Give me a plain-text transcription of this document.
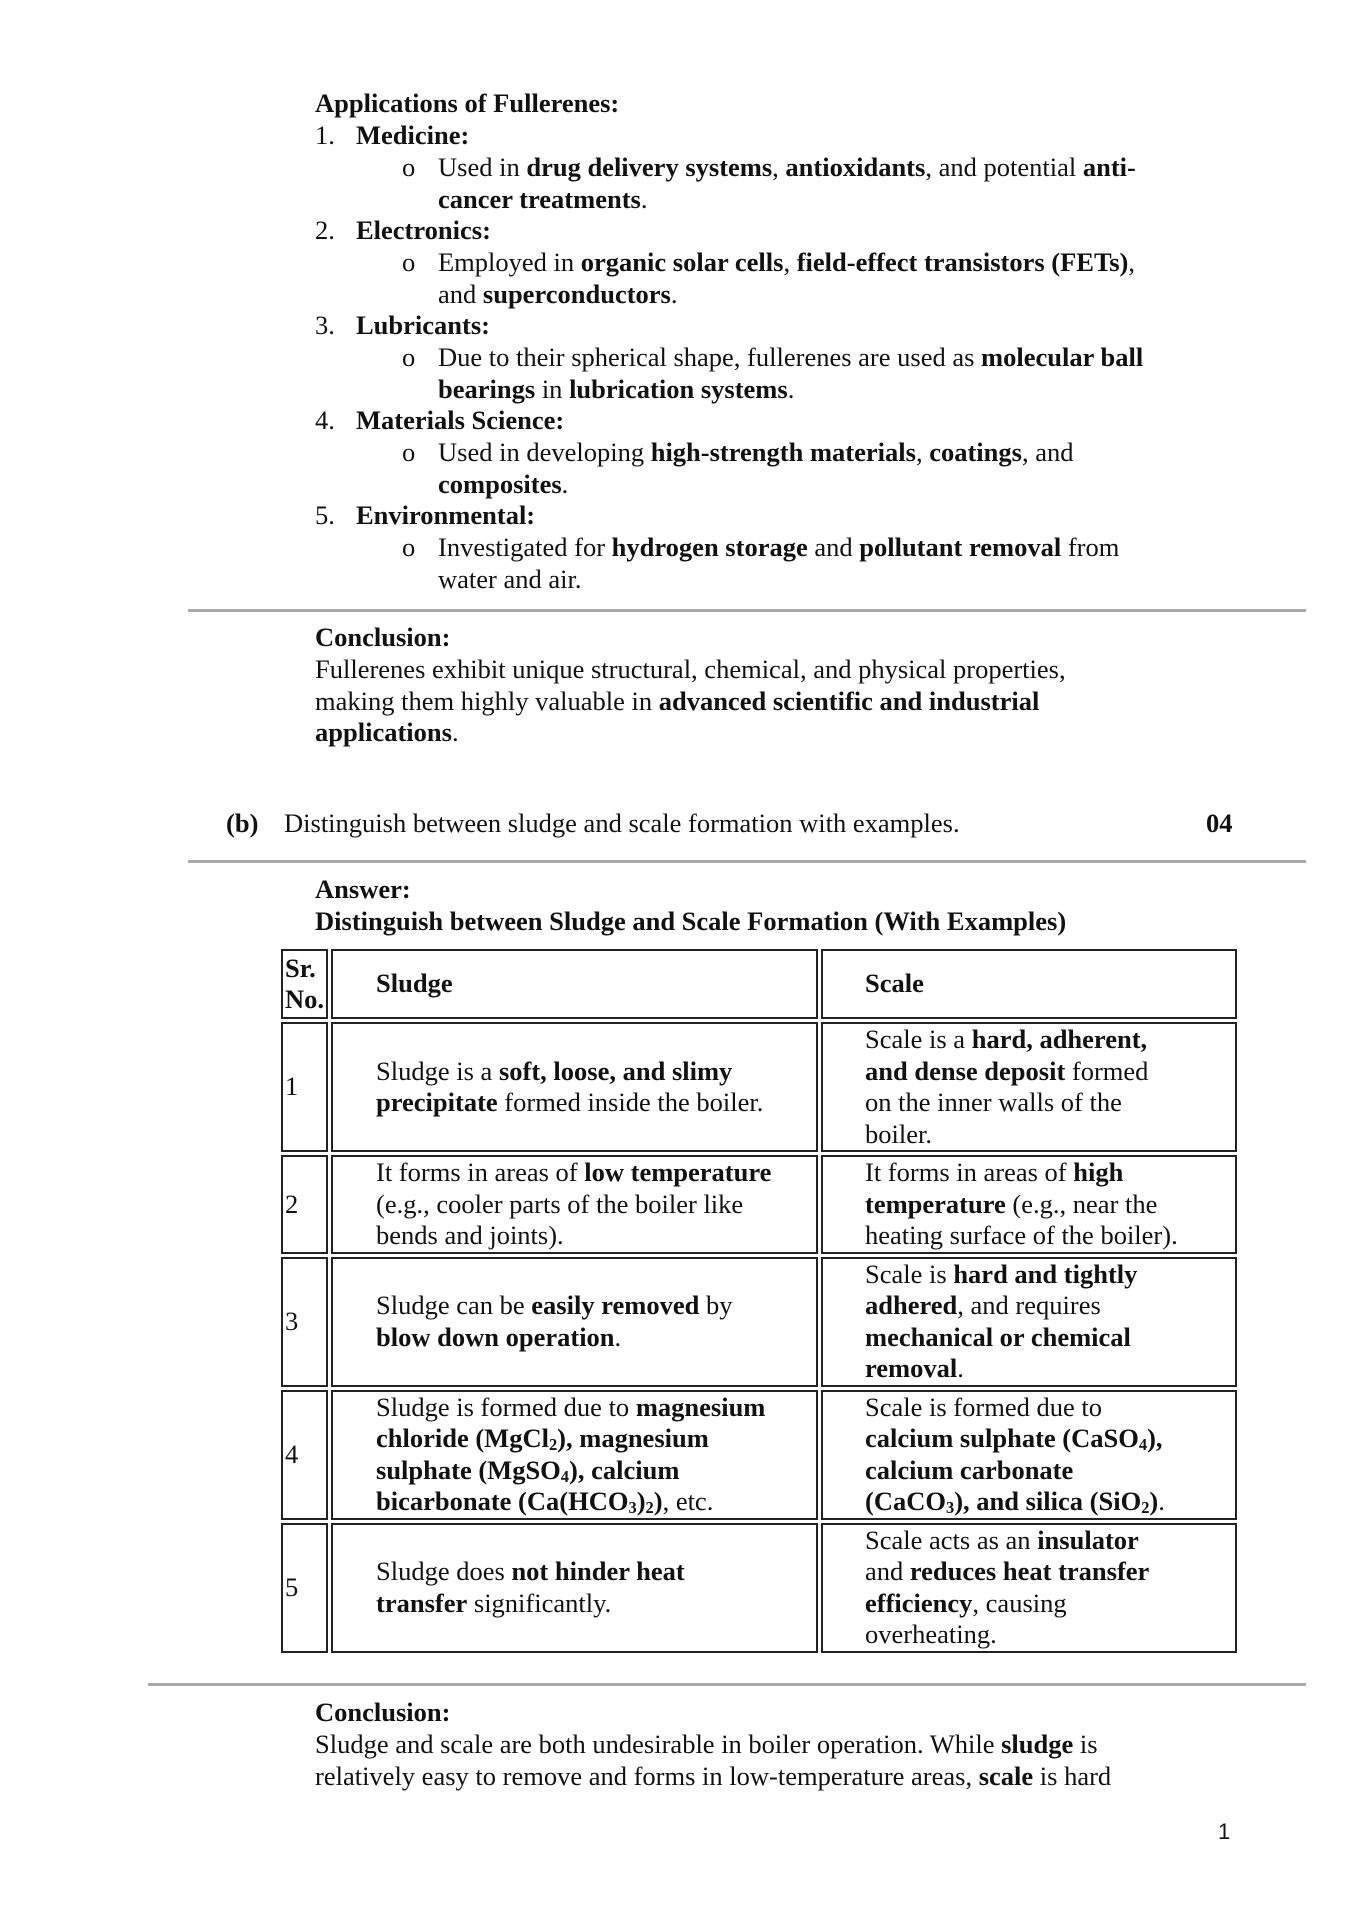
Applications of Fullerenes:
1. Medicine:
o Used in drug delivery systems, antioxidants, and potential anti-
cancer treatments.
2. Electronics:
o Employed in organic solar cells, field-effect transistors (FETs),
and superconductors.
3. Lubricants:
o Due to their spherical shape, fullerenes are used as molecular ball
bearings in lubrication systems.
4. Materials Science:
o Used in developing high-strength materials, coatings, and
composites.
5. Environmental:
o Investigated for hydrogen storage and pollutant removal from
water and air.
Conclusion:
Fullerenes exhibit unique structural, chemical, and physical properties,
making them highly valuable in advanced scientific and industrial
applications.
(b) Distinguish between sludge and scale formation with examples.	04
Answer:
Distinguish between Sludge and Scale Formation (With Examples)
Sr.
No.	Sludge	Scale
1	Sludge is a soft, loose, and slimy
precipitate formed inside the boiler.	Scale is a hard, adherent,
and dense deposit formed
on the inner walls of the
boiler.
2	It forms in areas of low temperature
(e.g., cooler parts of the boiler like
bends and joints).	It forms in areas of high
temperature (e.g., near the
heating surface of the boiler).
3	Sludge can be easily removed by
blow down operation.	Scale is hard and tightly
adhered, and requires
mechanical or chemical
removal.
4	Sludge is formed due to magnesium
chloride (MgCl$_2$), magnesium
sulphate (MgSO$_4$), calcium
bicarbonate $(Ca(HCO_3)_2)$, etc.	Scale is formed due to
calcium sulphate (CaSO$_4$),
calcium carbonate
(CaCO$_3$), and silica (SiO$_2$).
5	Sludge does not hinder heat
transfer significantly.	Scale acts as an insulator
and reduces heat transfer
efficiency, causing
overheating.
Conclusion:
Sludge and scale are both undesirable in boiler operation. While sludge is
relatively easy to remove and forms in low-temperature areas, scale is hard
1
